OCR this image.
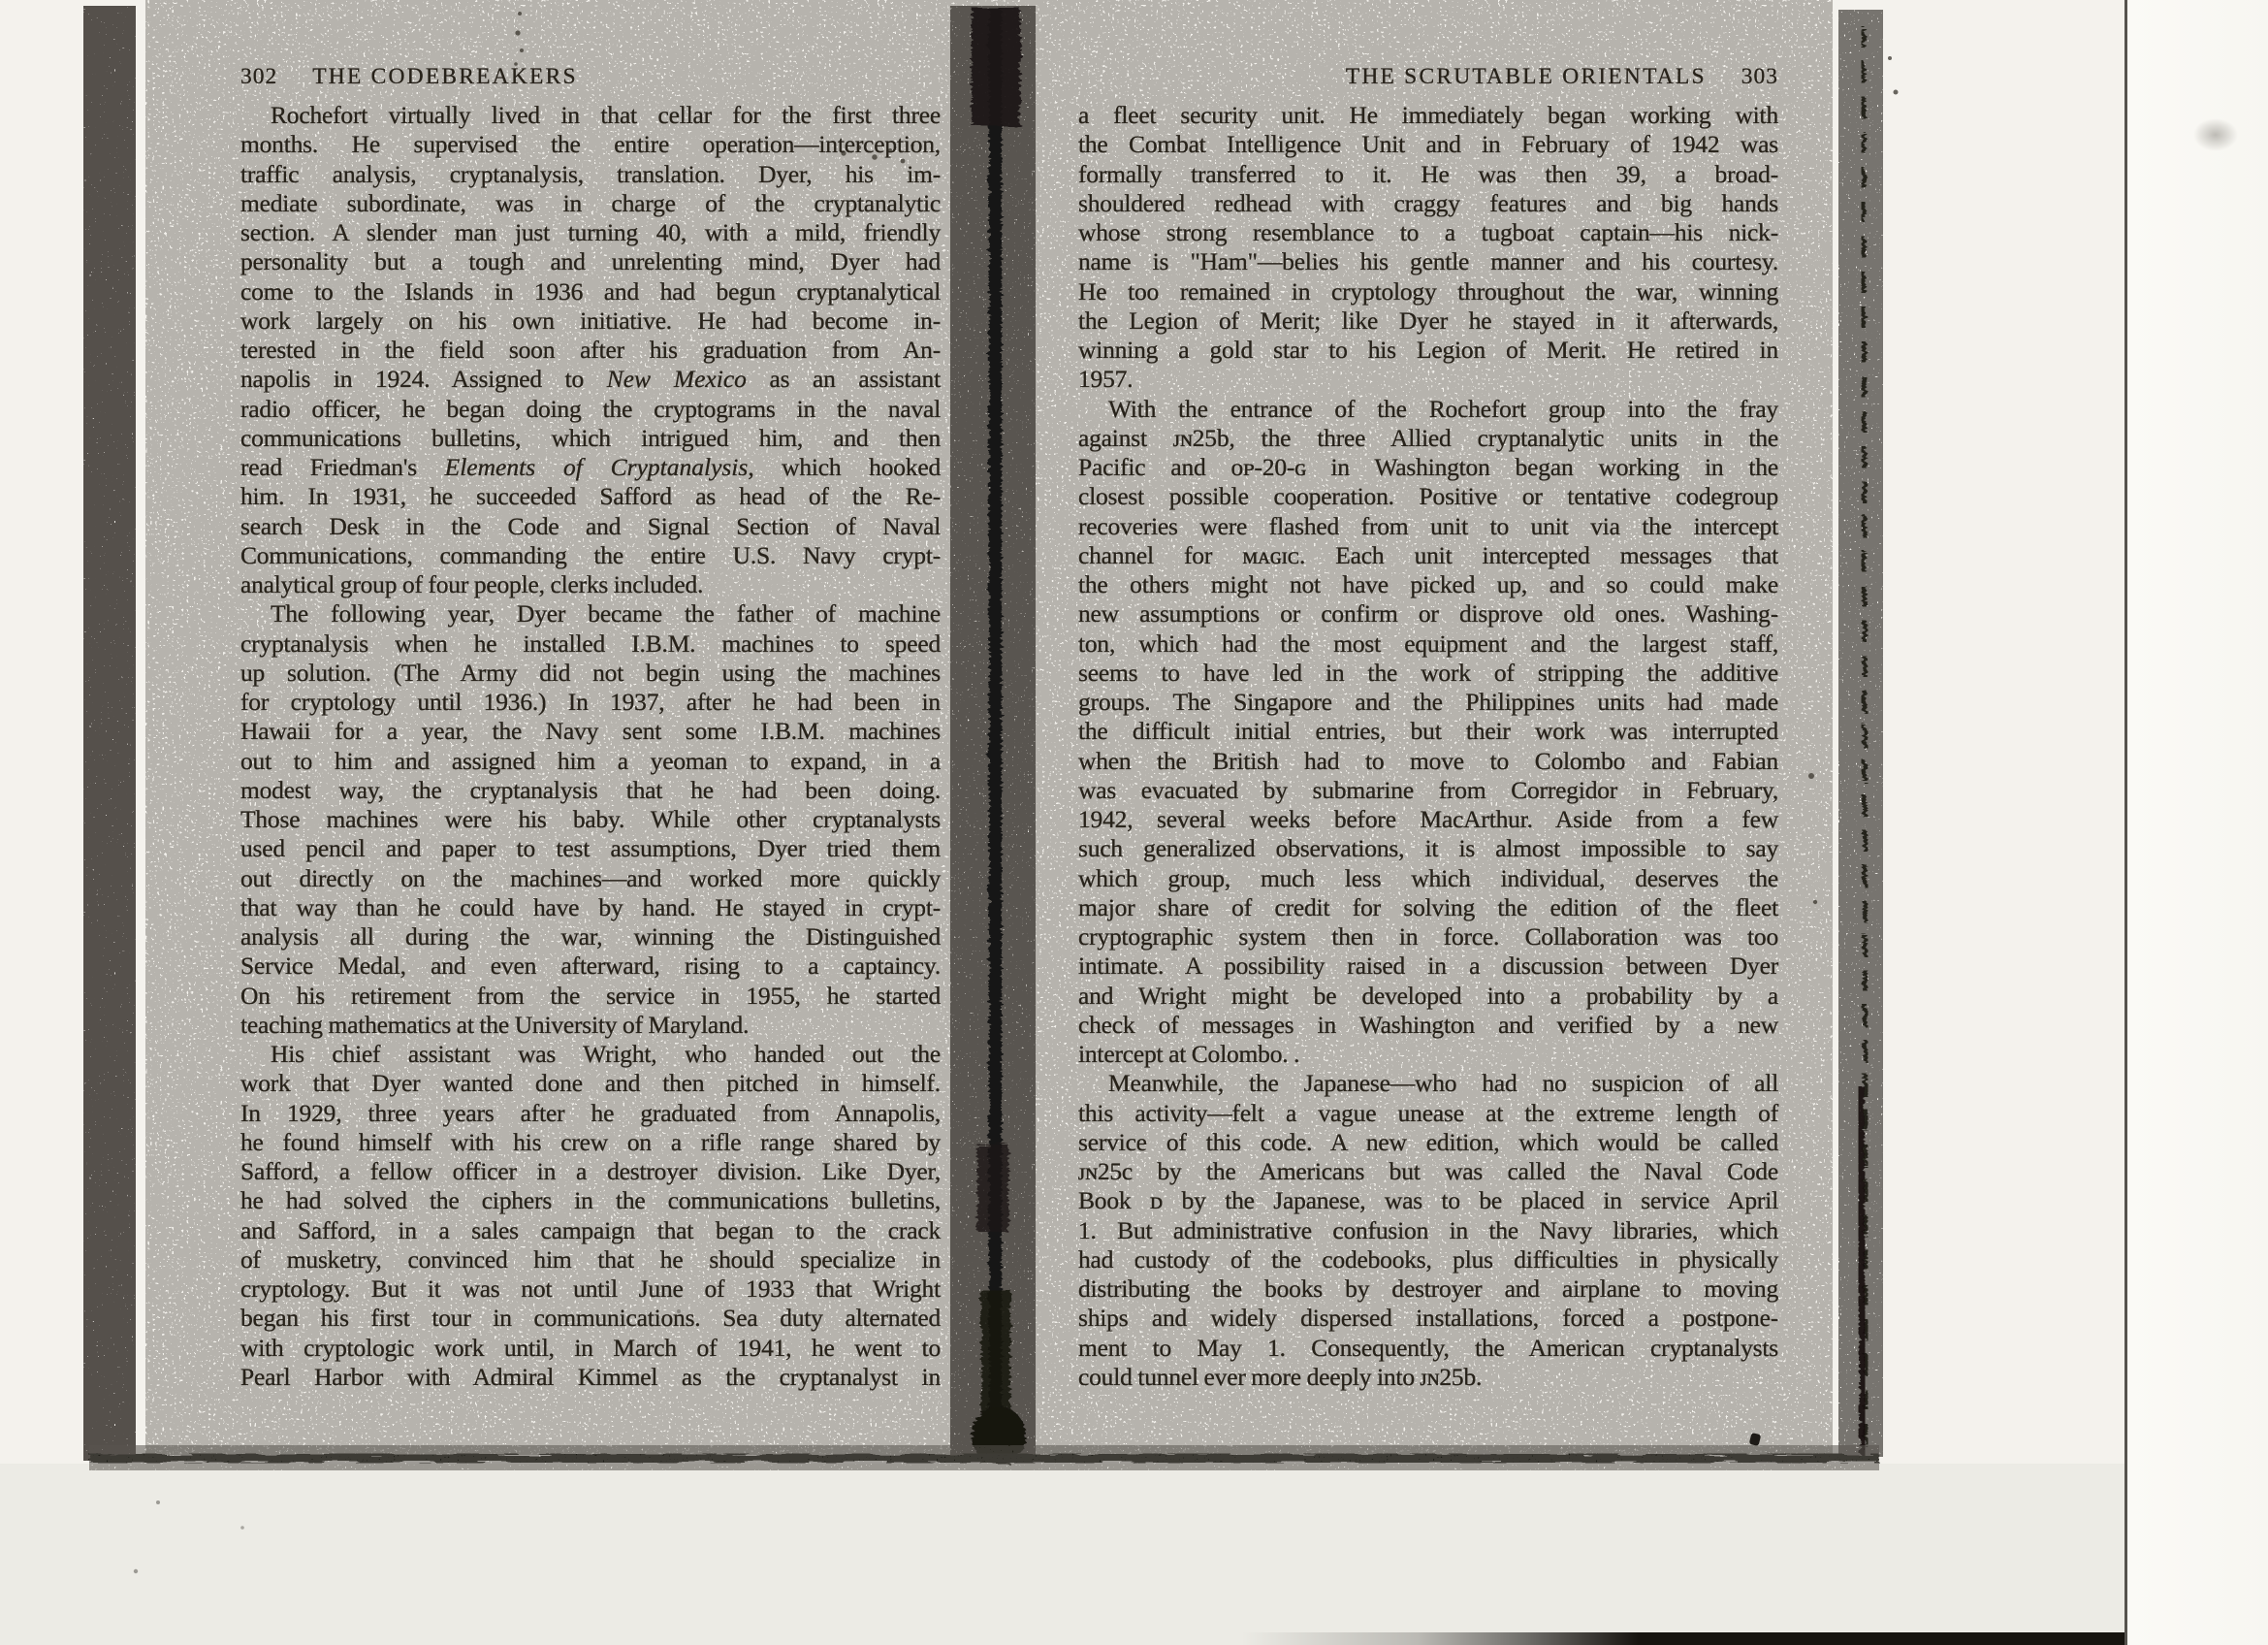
302 THE CODEBREAKERS
Rochefort virtually lived in that cellar for the first three
months. He supervised the entire operation—interception,
traffic analysis, cryptanalysis, translation. Dyer, his im-
mediate subordinate, was in charge of the cryptanalytic
section. A slender man just turning 40, with a mild, friendly
personality but a tough and unrelenting mind, Dyer had
come to the Islands in 1936 and had begun cryptanalytical
work largely on his own initiative. He had become in-
terested in the field soon after his graduation from An-
napolis in 1924. Assigned to New Mexico as an assistant
radio officer, he began doing the cryptograms in the naval
communications bulletins, which intrigued him, and then
read Friedman's Elements of Cryptanalysis, which hooked
him. In 1931, he succeeded Safford as head of the Re-
search Desk in the Code and Signal Section of Naval
Communications, commanding the entire U.S. Navy crypt-
analytical group of four people, clerks included.
The following year, Dyer became the father of machine
cryptanalysis when he installed I.B.M. machines to speed
up solution. (The Army did not begin using the machines
for cryptology until 1936.) In 1937, after he had been in
Hawaii for a year, the Navy sent some I.B.M. machines
out to him and assigned him a yeoman to expand, in a
modest way, the cryptanalysis that he had been doing.
Those machines were his baby. While other cryptanalysts
used pencil and paper to test assumptions, Dyer tried them
out directly on the machines—and worked more quickly
that way than he could have by hand. He stayed in crypt-
analysis all during the war, winning the Distinguished
Service Medal, and even afterward, rising to a captaincy.
On his retirement from the service in 1955, he started
teaching mathematics at the University of Maryland.
His chief assistant was Wright, who handed out the
work that Dyer wanted done and then pitched in himself.
In 1929, three years after he graduated from Annapolis,
he found himself with his crew on a rifle range shared by
Safford, a fellow officer in a destroyer division. Like Dyer,
he had solved the ciphers in the communications bulletins,
and Safford, in a sales campaign that began to the crack
of musketry, convinced him that he should specialize in
cryptology. But it was not until June of 1933 that Wright
began his first tour in communications. Sea duty alternated
with cryptologic work until, in March of 1941, he went to
Pearl Harbor with Admiral Kimmel as the cryptanalyst in
THE SCRUTABLE ORIENTALS 303
a fleet security unit. He immediately began working with
the Combat Intelligence Unit and in February of 1942 was
formally transferred to it. He was then 39, a broad-
shouldered redhead with craggy features and big hands
whose strong resemblance to a tugboat captain—his nick-
name is "Ham"—belies his gentle manner and his courtesy.
He too remained in cryptology throughout the war, winning
the Legion of Merit; like Dyer he stayed in it afterwards,
winning a gold star to his Legion of Merit. He retired in
1957.
With the entrance of the Rochefort group into the fray
against ᴊɴ25b, the three Allied cryptanalytic units in the
Pacific and ᴏᴘ-20-ɢ in Washington began working in the
closest possible cooperation. Positive or tentative codegroup
recoveries were flashed from unit to unit via the intercept
channel for ᴍᴀɢɪᴄ. Each unit intercepted messages that
the others might not have picked up, and so could make
new assumptions or confirm or disprove old ones. Washing-
ton, which had the most equipment and the largest staff,
seems to have led in the work of stripping the additive
groups. The Singapore and the Philippines units had made
the difficult initial entries, but their work was interrupted
when the British had to move to Colombo and Fabian
was evacuated by submarine from Corregidor in February,
1942, several weeks before MacArthur. Aside from a few
such generalized observations, it is almost impossible to say
which group, much less which individual, deserves the
major share of credit for solving the edition of the fleet
cryptographic system then in force. Collaboration was too
intimate. A possibility raised in a discussion between Dyer
and Wright might be developed into a probability by a
check of messages in Washington and verified by a new
intercept at Colombo. .
Meanwhile, the Japanese—who had no suspicion of all
this activity—felt a vague unease at the extreme length of
service of this code. A new edition, which would be called
ᴊɴ25c by the Americans but was called the Naval Code
Book ᴅ by the Japanese, was to be placed in service April
1. But administrative confusion in the Navy libraries, which
had custody of the codebooks, plus difficulties in physically
distributing the books by destroyer and airplane to moving
ships and widely dispersed installations, forced a postpone-
ment to May 1. Consequently, the American cryptanalysts
could tunnel ever more deeply into ᴊɴ25b.
